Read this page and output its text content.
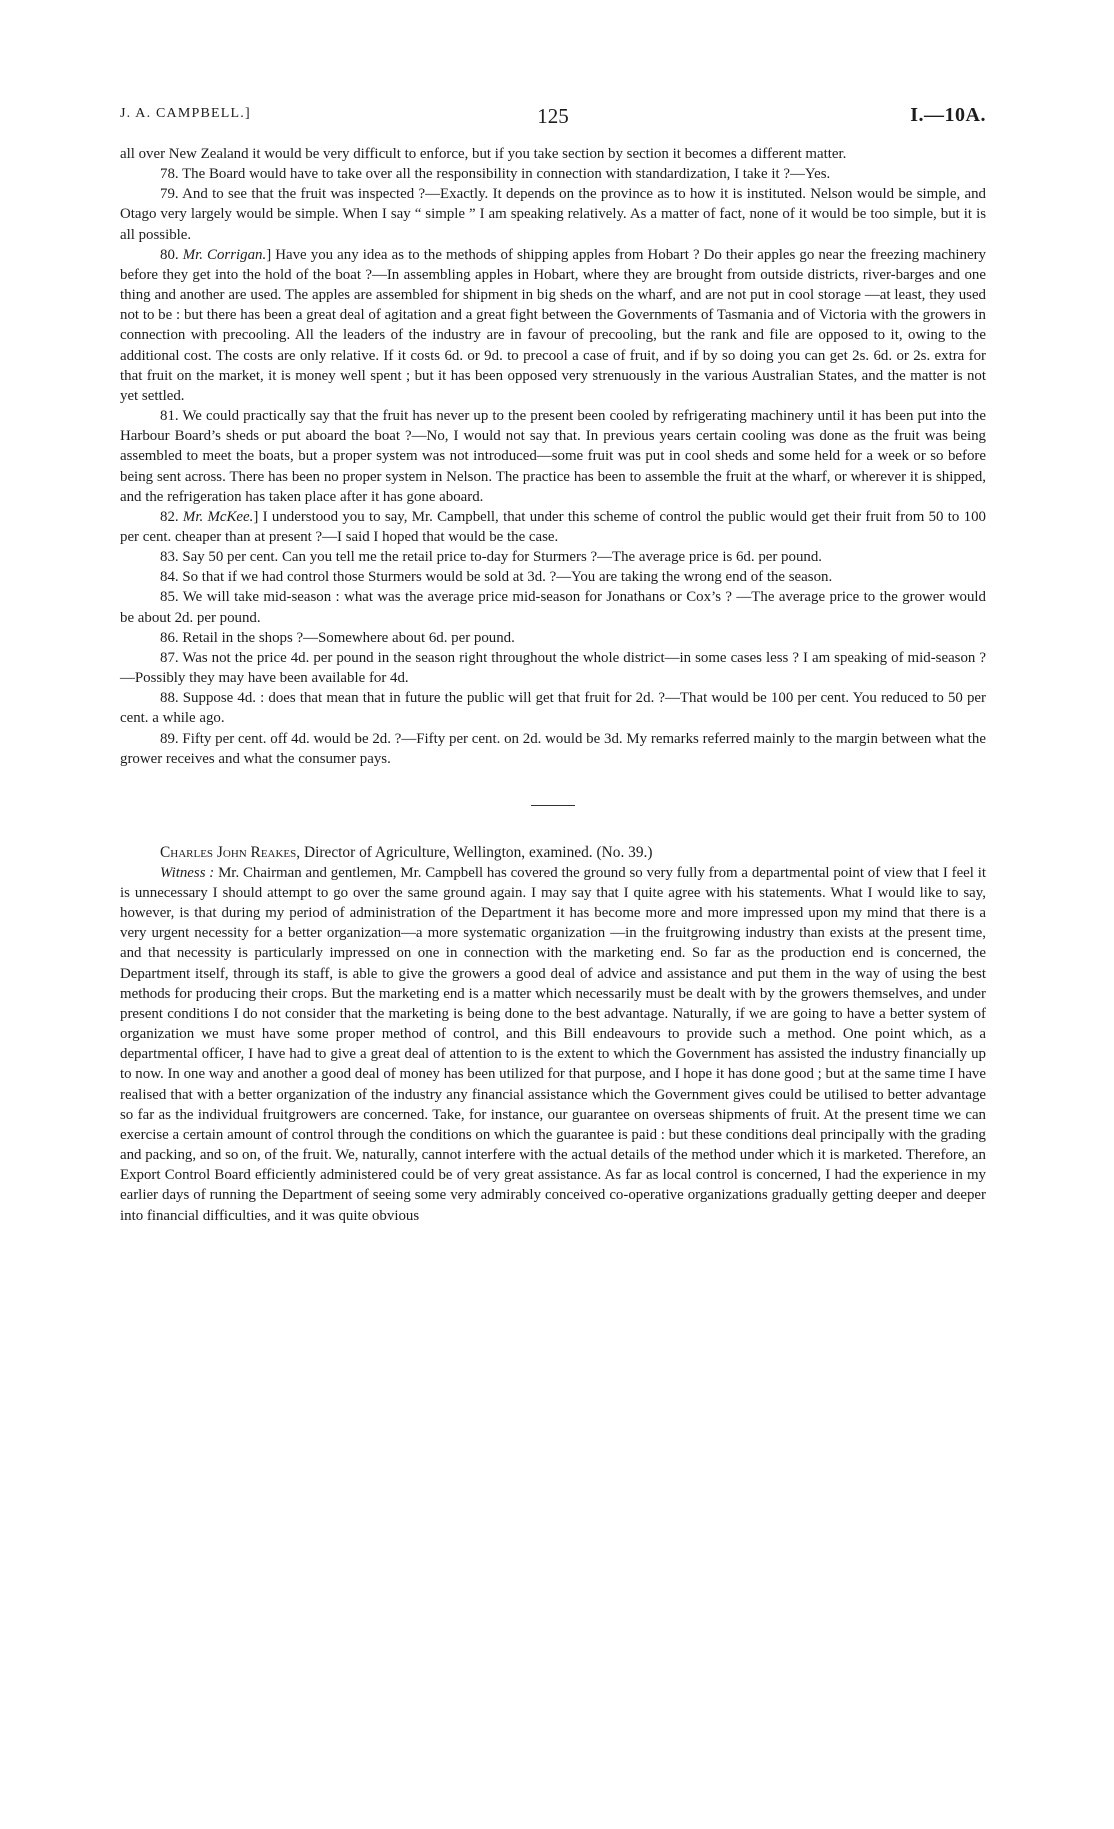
J. A. CAMPBELL.]	125	I.—10A.

all over New Zealand it would be very difficult to enforce, but if you take section by section it becomes a different matter.

78. The Board would have to take over all the responsibility in connection with standardization, I take it ?—Yes.

79. And to see that the fruit was inspected ?—Exactly. It depends on the province as to how it is instituted. Nelson would be simple, and Otago very largely would be simple. When I say “ simple ” I am speaking relatively. As a matter of fact, none of it would be too simple, but it is all possible.

80. Mr. Corrigan.] Have you any idea as to the methods of shipping apples from Hobart ? Do their apples go near the freezing machinery before they get into the hold of the boat ?—In assembling apples in Hobart, where they are brought from outside districts, river-barges and one thing and another are used. The apples are assembled for shipment in big sheds on the wharf, and are not put in cool storage —at least, they used not to be : but there has been a great deal of agitation and a great fight between the Governments of Tasmania and of Victoria with the growers in connection with precooling. All the leaders of the industry are in favour of precooling, but the rank and file are opposed to it, owing to the additional cost. The costs are only relative. If it costs 6d. or 9d. to precool a case of fruit, and if by so doing you can get 2s. 6d. or 2s. extra for that fruit on the market, it is money well spent ; but it has been opposed very strenuously in the various Australian States, and the matter is not yet settled.

81. We could practically say that the fruit has never up to the present been cooled by refrigerating machinery until it has been put into the Harbour Board’s sheds or put aboard the boat ?—No, I would not say that. In previous years certain cooling was done as the fruit was being assembled to meet the boats, but a proper system was not introduced—some fruit was put in cool sheds and some held for a week or so before being sent across. There has been no proper system in Nelson. The practice has been to assemble the fruit at the wharf, or wherever it is shipped, and the refrigeration has taken place after it has gone aboard.

82. Mr. McKee.] I understood you to say, Mr. Campbell, that under this scheme of control the public would get their fruit from 50 to 100 per cent. cheaper than at present ?—I said I hoped that would be the case.

83. Say 50 per cent. Can you tell me the retail price to-day for Sturmers ?—The average price is 6d. per pound.

84. So that if we had control those Sturmers would be sold at 3d. ?—You are taking the wrong end of the season.

85. We will take mid-season : what was the average price mid-season for Jonathans or Cox’s ? —The average price to the grower would be about 2d. per pound.

86. Retail in the shops ?—Somewhere about 6d. per pound.

87. Was not the price 4d. per pound in the season right throughout the whole district—in some cases less ? I am speaking of mid-season ?—Possibly they may have been available for 4d.

88. Suppose 4d. : does that mean that in future the public will get that fruit for 2d. ?—That would be 100 per cent. You reduced to 50 per cent. a while ago.

89. Fifty per cent. off 4d. would be 2d. ?—Fifty per cent. on 2d. would be 3d. My remarks referred mainly to the margin between what the grower receives and what the consumer pays.

Charles John Reakes, Director of Agriculture, Wellington, examined. (No. 39.)

Witness : Mr. Chairman and gentlemen, Mr. Campbell has covered the ground so very fully from a departmental point of view that I feel it is unnecessary I should attempt to go over the same ground again. I may say that I quite agree with his statements. What I would like to say, however, is that during my period of administration of the Department it has become more and more impressed upon my mind that there is a very urgent necessity for a better organization—a more systematic organization —in the fruitgrowing industry than exists at the present time, and that necessity is particularly impressed on one in connection with the marketing end. So far as the production end is concerned, the Department itself, through its staff, is able to give the growers a good deal of advice and assistance and put them in the way of using the best methods for producing their crops. But the marketing end is a matter which necessarily must be dealt with by the growers themselves, and under present conditions I do not consider that the marketing is being done to the best advantage. Naturally, if we are going to have a better system of organization we must have some proper method of control, and this Bill endeavours to provide such a method. One point which, as a departmental officer, I have had to give a great deal of attention to is the extent to which the Government has assisted the industry financially up to now. In one way and another a good deal of money has been utilized for that purpose, and I hope it has done good ; but at the same time I have realised that with a better organization of the industry any financial assistance which the Government gives could be utilised to better advantage so far as the individual fruitgrowers are concerned. Take, for instance, our guarantee on overseas shipments of fruit. At the present time we can exercise a certain amount of control through the conditions on which the guarantee is paid : but these conditions deal principally with the grading and packing, and so on, of the fruit. We, naturally, cannot interfere with the actual details of the method under which it is marketed. Therefore, an Export Control Board efficiently administered could be of very great assistance. As far as local control is concerned, I had the experience in my earlier days of running the Department of seeing some very admirably conceived co-operative organizations gradually getting deeper and deeper into financial difficulties, and it was quite obvious
